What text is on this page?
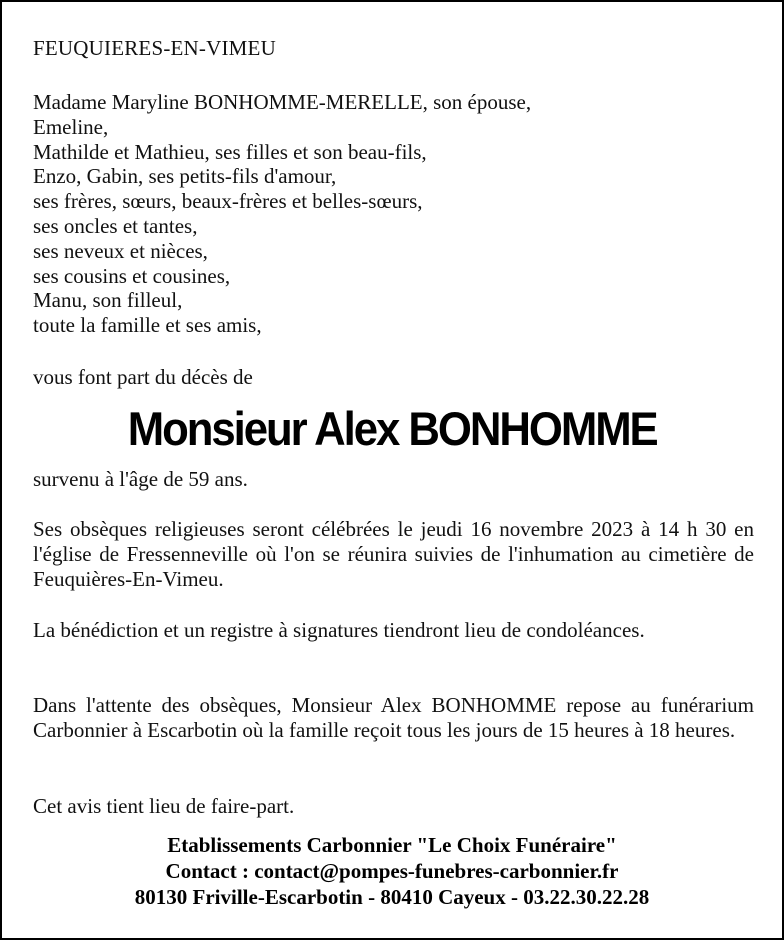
FEUQUIERES-EN-VIMEU
Madame Maryline BONHOMME-MERELLE, son épouse,
Emeline,
Mathilde et Mathieu, ses filles et son beau-fils,
Enzo, Gabin, ses petits-fils d'amour,
ses frères, sœurs, beaux-frères et belles-sœurs,
ses oncles et tantes,
ses neveux et nièces,
ses cousins et cousines,
Manu, son filleul,
toute la famille et ses amis,
vous font part du décès de
Monsieur Alex BONHOMME
survenu à l'âge de 59 ans.
Ses obsèques religieuses seront célébrées le jeudi 16 novembre 2023 à 14 h 30 en l'église de Fressenneville où l'on se réunira suivies de l'inhumation au cimetière de Feuquières-En-Vimeu.
La bénédiction et un registre à signatures tiendront lieu de condoléances.
Dans l'attente des obsèques, Monsieur Alex BONHOMME repose au funérarium Carbonnier à Escarbotin où la famille reçoit tous les jours de 15 heures à 18 heures.
Cet avis tient lieu de faire-part.
Etablissements Carbonnier "Le Choix Funéraire"
Contact : contact@pompes-funebres-carbonnier.fr
80130 Friville-Escarbotin - 80410 Cayeux - 03.22.30.22.28
